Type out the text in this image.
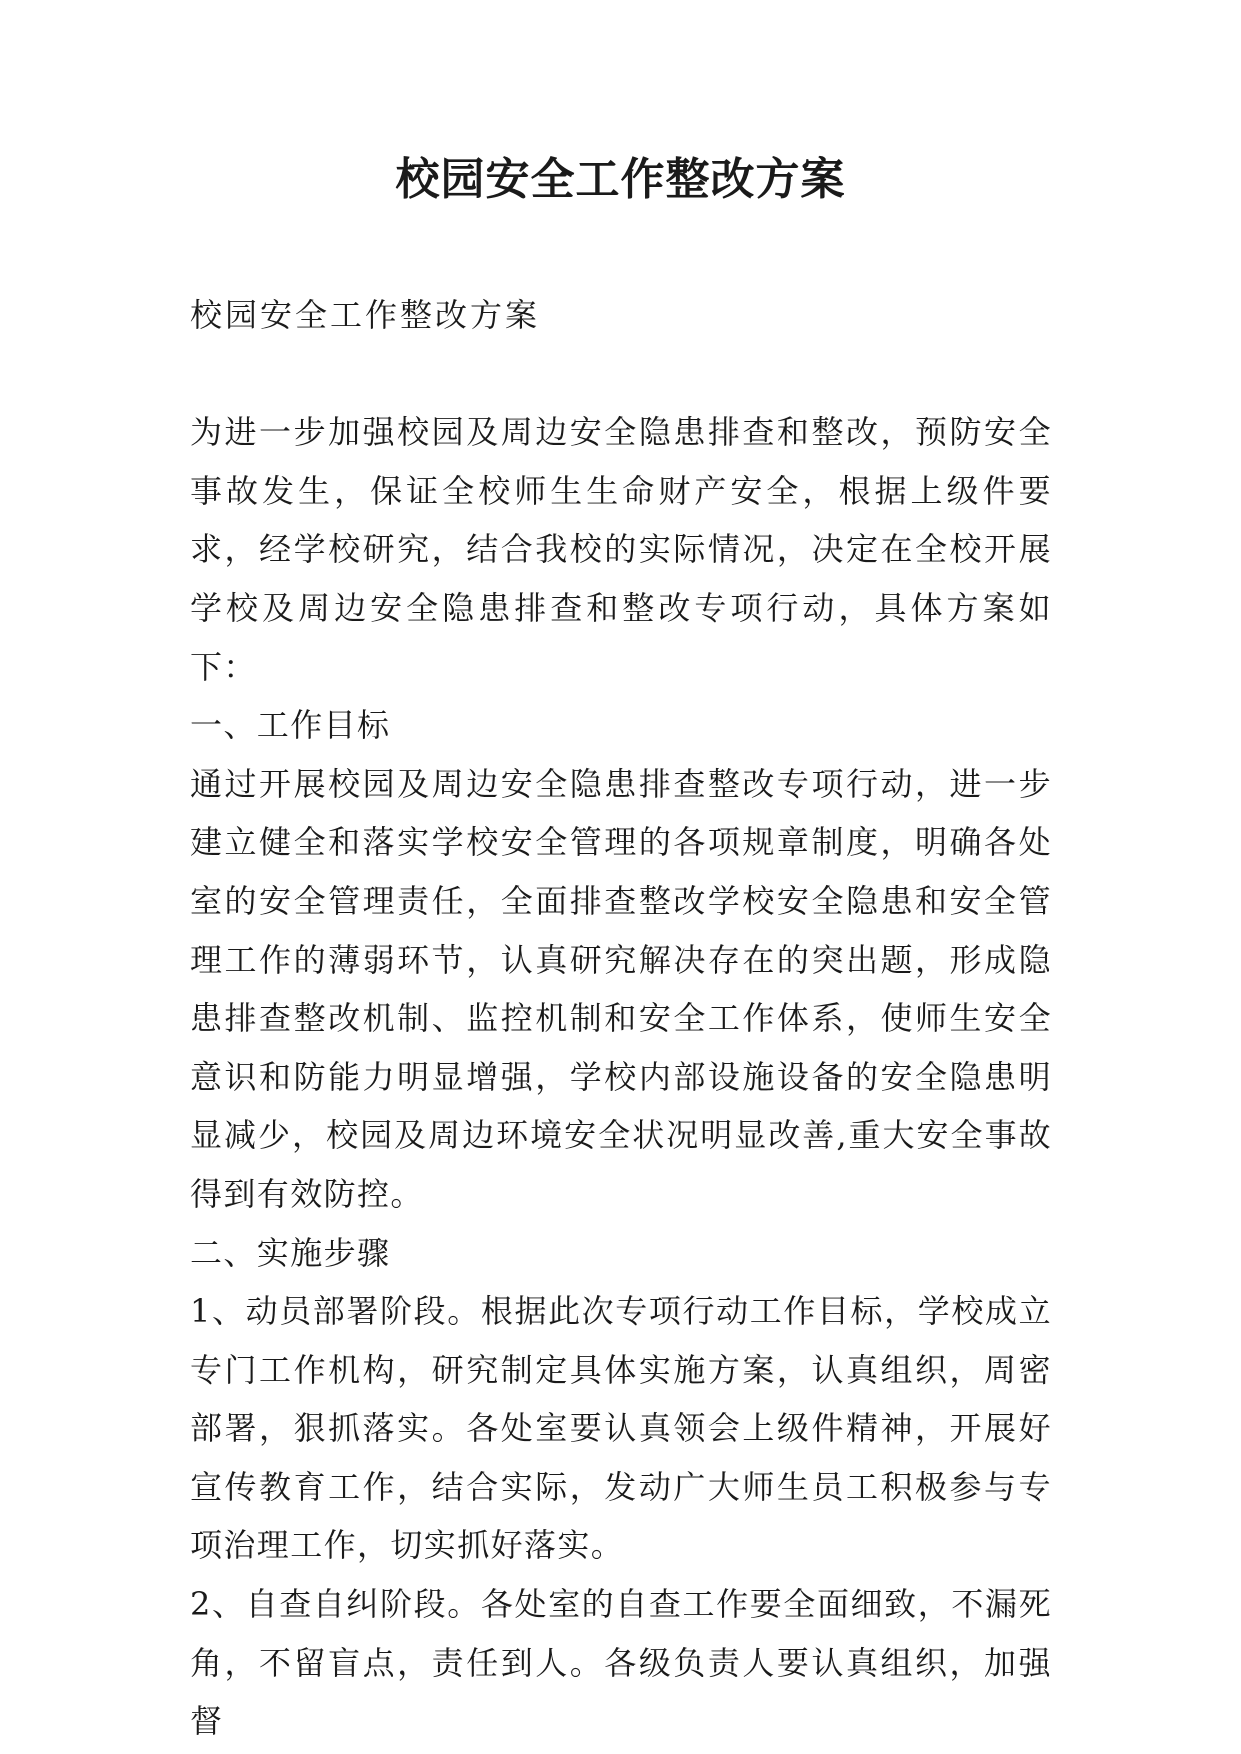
校园安全工作整改方案

校园安全工作整改方案

为进一步加强校园及周边安全隐患排查和整改，预防安全事故发生，保证全校师生生命财产安全，根据上级件要求，经学校研究，结合我校的实际情况，决定在全校开展学校及周边安全隐患排查和整改专项行动，具体方案如下：

一、工作目标

通过开展校园及周边安全隐患排查整改专项行动，进一步建立健全和落实学校安全管理的各项规章制度，明确各处室的安全管理责任，全面排查整改学校安全隐患和安全管理工作的薄弱环节，认真研究解决存在的突出题，形成隐患排查整改机制、监控机制和安全工作体系，使师生安全意识和防能力明显增强，学校内部设施设备的安全隐患明显减少，校园及周边环境安全状况明显改善,重大安全事故得到有效防控。

二、实施步骤

1、动员部署阶段。根据此次专项行动工作目标，学校成立专门工作机构，研究制定具体实施方案，认真组织，周密部署，狠抓落实。各处室要认真领会上级件精神，开展好宣传教育工作，结合实际，发动广大师生员工积极参与专项治理工作，切实抓好落实。

2、自查自纠阶段。各处室的自查工作要全面细致，不漏死角，不留盲点，责任到人。各级负责人要认真组织，加强督
